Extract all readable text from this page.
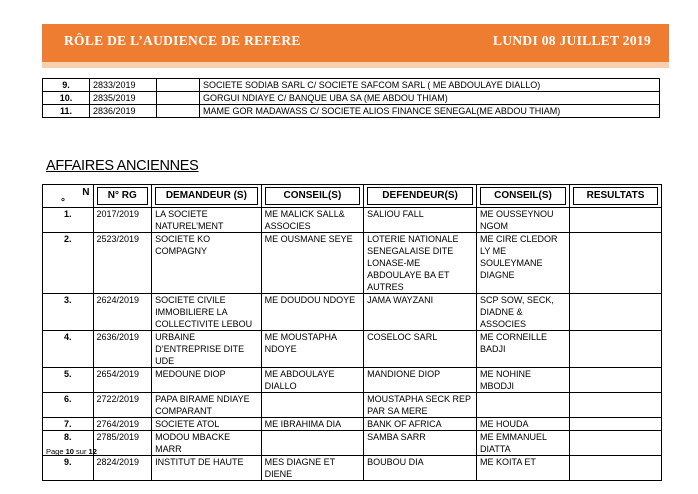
RÔLE DE L’AUDIENCE DE REFERE	LUNDI 08 JUILLET 2019
9.	2833/2019		SOCIETE SODIAB SARL C/ SOCIETE SAFCOM SARL ( ME ABDOULAYE DIALLO)
10.	2835/2019		GORGUI NDIAYE C/ BANQUE UBA SA (ME ABDOU THIAM)
11.	2836/2019		MAME GOR MADAWASS C/ SOCIETE ALIOS FINANCE SENEGAL(ME ABDOU THIAM)
AFFAIRES ANCIENNES
N
°	N° RG	DEMANDEUR (S)	CONSEIL(S)	DEFENDEUR(S)	CONSEIL(S)	RESULTATS

1.	2017/2019	LA SOCIETE NATUREL’MENT	ME MALICK SALL& ASSOCIES	SALIOU FALL	ME OUSSEYNOU NGOM	
2.	2523/2019	SOCIETE KO COMPAGNY	ME OUSMANE SEYE	LOTERIE NATIONALE SENEGALAISE DITE LONASE-ME ABDOULAYE BA ET AUTRES	ME CIRE CLEDOR LY ME SOULEYMANE DIAGNE	
3.	2624/2019	SOCIETE CIVILE IMMOBILIERE LA COLLECTIVITE LEBOU	ME DOUDOU NDOYE	JAMA WAYZANI	SCP SOW, SECK, DIADNE & ASSOCIES	
4.	2636/2019	URBAINE D’ENTREPRISE DITE UDE	ME MOUSTAPHA NDOYE	COSELOC SARL	ME CORNEILLE BADJI	
5.	2654/2019	MEDOUNE DIOP	ME ABDOULAYE DIALLO	MANDIONE DIOP	ME NOHINE MBODJI	
6.	2722/2019	PAPA BIRAME NDIAYE COMPARANT		MOUSTAPHA SECK REP PAR SA MERE		
7.	2764/2019	SOCIETE ATOL	ME IBRAHIMA DIA	BANK OF AFRICA	ME HOUDA	
8.	2785/2019	MODOU MBACKE MARR		SAMBA SARR	ME EMMANUEL DIATTA	
9.	2824/2019	INSTITUT DE HAUTE	MES DIAGNE ET DIENE	BOUBOU DIA	ME KOITA ET	
Page 10 sur 12
